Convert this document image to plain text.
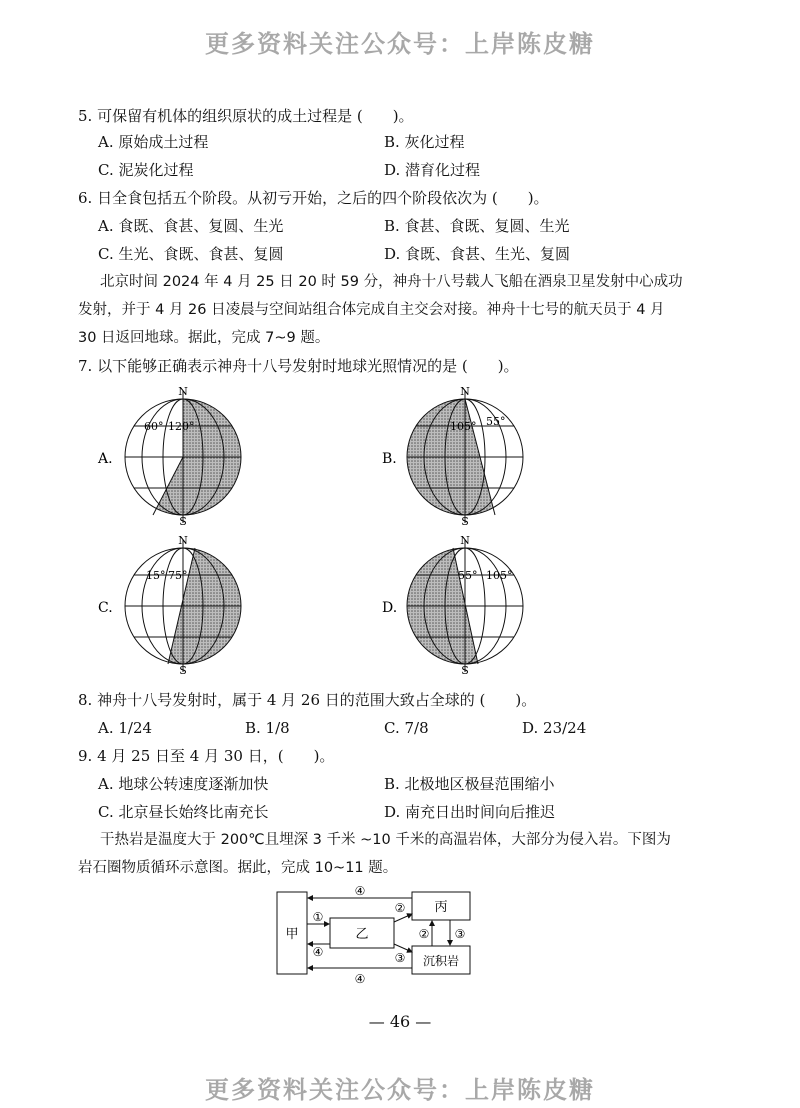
更多资料关注公众号：上岸陈皮糖
5. 可保留有机体的组织原状的成土过程是 (　　)。
A. 原始成土过程	B. 灰化过程
C. 泥炭化过程	D. 潜育化过程
6. 日全食包括五个阶段。从初亏开始，之后的四个阶段依次为 (　　)。
A. 食既、食甚、复圆、生光	B. 食甚、食既、复圆、生光
C. 生光、食既、食甚、复圆	D. 食既、食甚、生光、复圆
北京时间 2024 年 4 月 25 日 20 时 59 分，神舟十八号载人飞船在酒泉卫星发射中心成功
发射，并于 4 月 26 日凌晨与空间站组合体完成自主交会对接。神舟十七号的航天员于 4 月
30 日返回地球。据此，完成 7~9 题。
7. 以下能够正确表示神舟十八号发射时地球光照情况的是 (　　)。
N
S
60° 120°
A.
N
S
105° 55°
B.
N
S
15° 75°
C.
N
S
55° 105°
D.
8. 神舟十八号发射时，属于 4 月 26 日的范围大致占全球的 (　　)。
A. 1/24	B. 1/8	C. 7/8	D. 23/24
9. 4 月 25 日至 4 月 30 日，(　　)。
A. 地球公转速度逐渐加快	B. 北极地区极昼范围缩小
C. 北京昼长始终比南充长	D. 南充日出时间向后推迟
干热岩是温度大于 200℃且埋深 3 千米 ~10 千米的高温岩体，大部分为侵入岩。下图为
岩石圈物质循环示意图。据此，完成 10~11 题。
甲	乙
丙
沉积岩
④
④
①
④
②
③
② ③
— 46 —
更多资料关注公众号：上岸陈皮糖
